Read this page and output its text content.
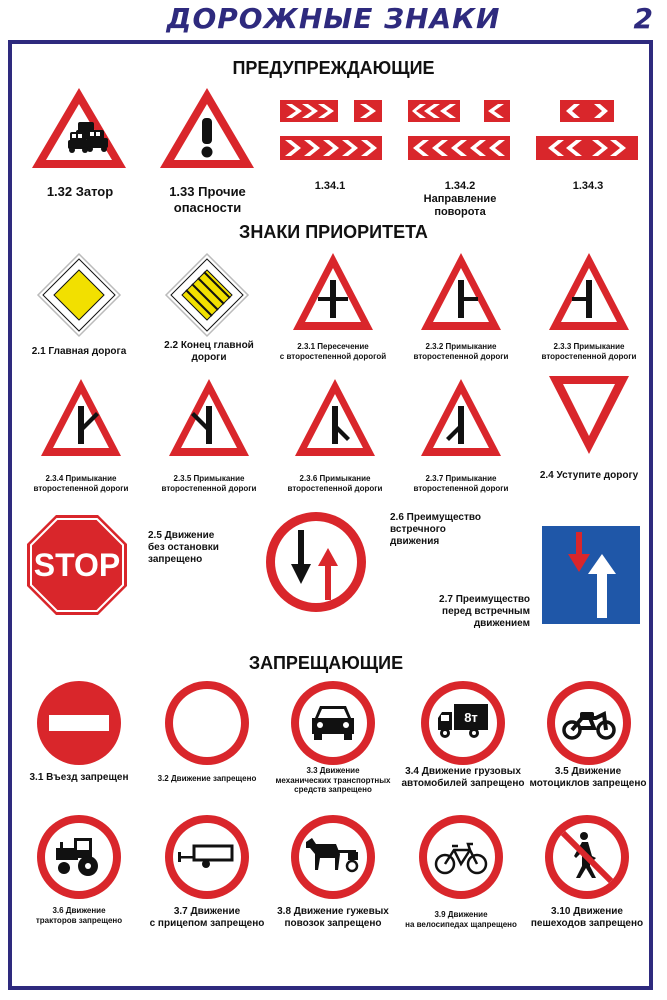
ДОРОЖНЫЕ ЗНАКИ	2
ПРЕДУПРЕЖДАЮЩИЕ
1.32 Затор	1.33 Прочие
опасности
1.34.1	1.34.2
Направление
поворота
1.34.3
ЗНАКИ ПРИОРИТЕТА
2.1 Главная дорога
2.2 Конец главной
дороги
2.3.1 Пересечение
с второстепенной дорогой
2.3.2 Примыкание
второстепенной дороги
2.3.3 Примыкание
второстепенной дороги
2.3.4 Примыкание
второстепенной дороги
2.3.5 Примыкание
второстепенной дороги
2.3.6 Примыкание
второстепенной дороги
2.3.7 Примыкание
второстепенной дороги
2.4 Уступите дорогу
STOP
2.5 Движение
без остановки
запрещено
2.6 Преимущество
встречного
движения
2.7 Преимущество
перед встречным
движением
ЗАПРЕЩАЮЩИЕ
3.1 Въезд запрещен	3.2 Движение запрещено
3.3 Движение
механических транспортных
средств запрещено
8т
3.4 Движение грузовых
автомобилей запрещено
3.5 Движение
мотоциклов запрещено
3.6 Движение
тракторов запрещено
3.7 Движение
с прицепом запрещено
3.8 Движение гужевых
повозок запрещено
3.9 Движение
на велосипедах щапрещено
3.10 Движение
пешеходов запрещено
